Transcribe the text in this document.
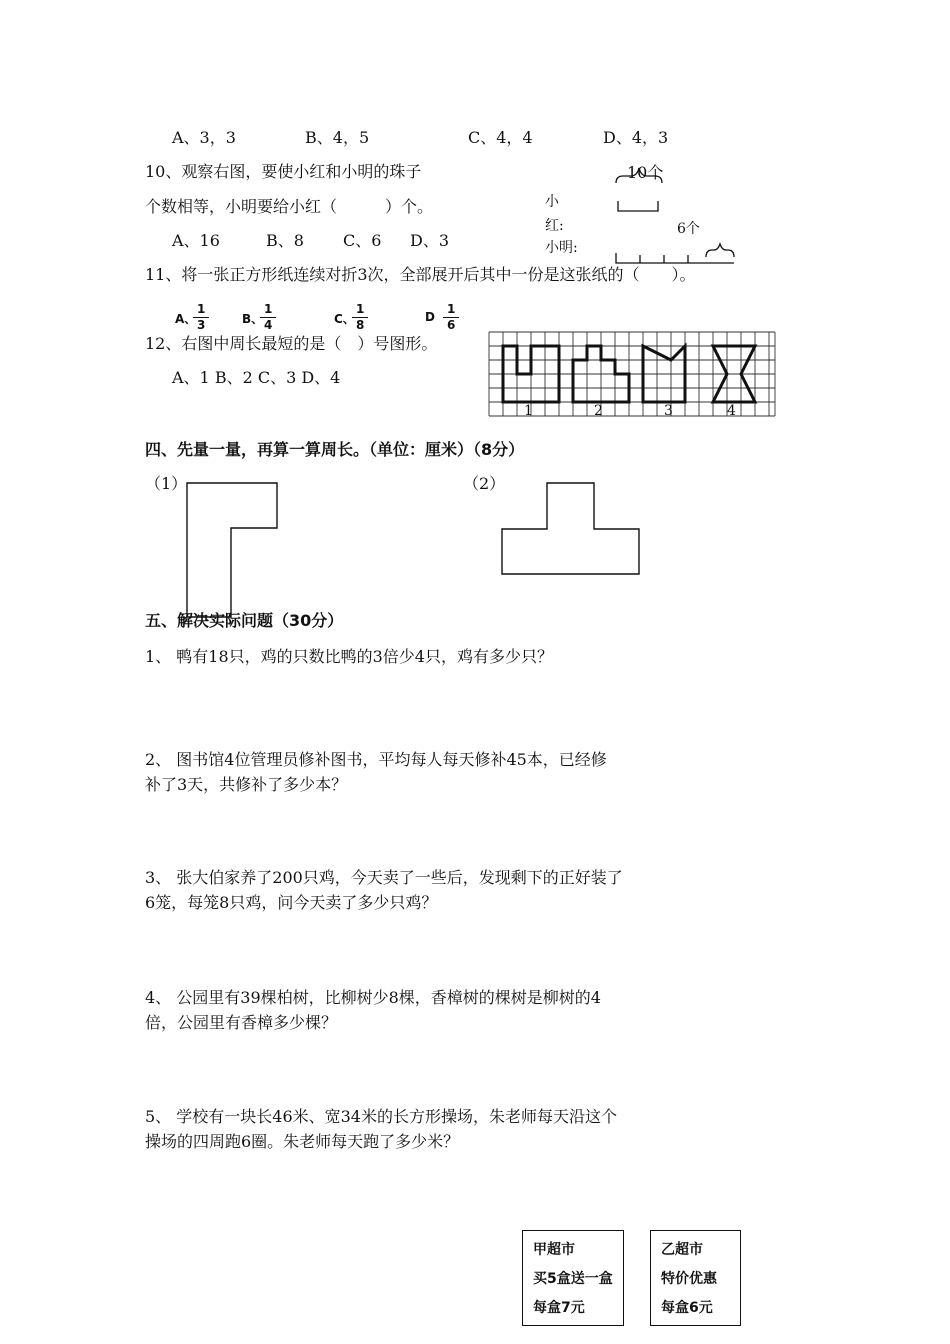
A、3，3	B、4，5	C、4，4	D、4，3
10、观察右图，要使小红和小明的珠子
个数相等，小明要给小红（　　　）个。
A、16	B、8 C、6 D、3
10个
小红:
小明:
6个
11、将一张正方形纸连续对折3次，全部展开后其中一份是这张纸的（　　）。
A、
1
3	B、
1
4	C、
1
8
D
1
6
12、右图中周长最短的是（　）号图形。
A、1 B、2 C、3 D、4
1	2	3	4
四、先量一量，再算一算周长。（单位：厘米）（8分）
（1）	（2）
五、解决实际问题（30分）
1、 鸭有18只，鸡的只数比鸭的3倍少4只，鸡有多少只？
2、 图书馆4位管理员修补图书，平均每人每天修补45本，已经修
补了3天，共修补了多少本？
3、 张大伯家养了200只鸡，今天卖了一些后，发现剩下的正好装了
6笼，每笼8只鸡，问今天卖了多少只鸡？
4、 公园里有39棵柏树，比柳树少8棵，香樟树的棵树是柳树的4
倍，公园里有香樟多少棵？
5、 学校有一块长46米、宽34米的长方形操场，朱老师每天沿这个
操场的四周跑6圈。朱老师每天跑了多少米？
甲超市
买5盒送一盒
每盒7元
乙超市
特价优惠
每盒6元
